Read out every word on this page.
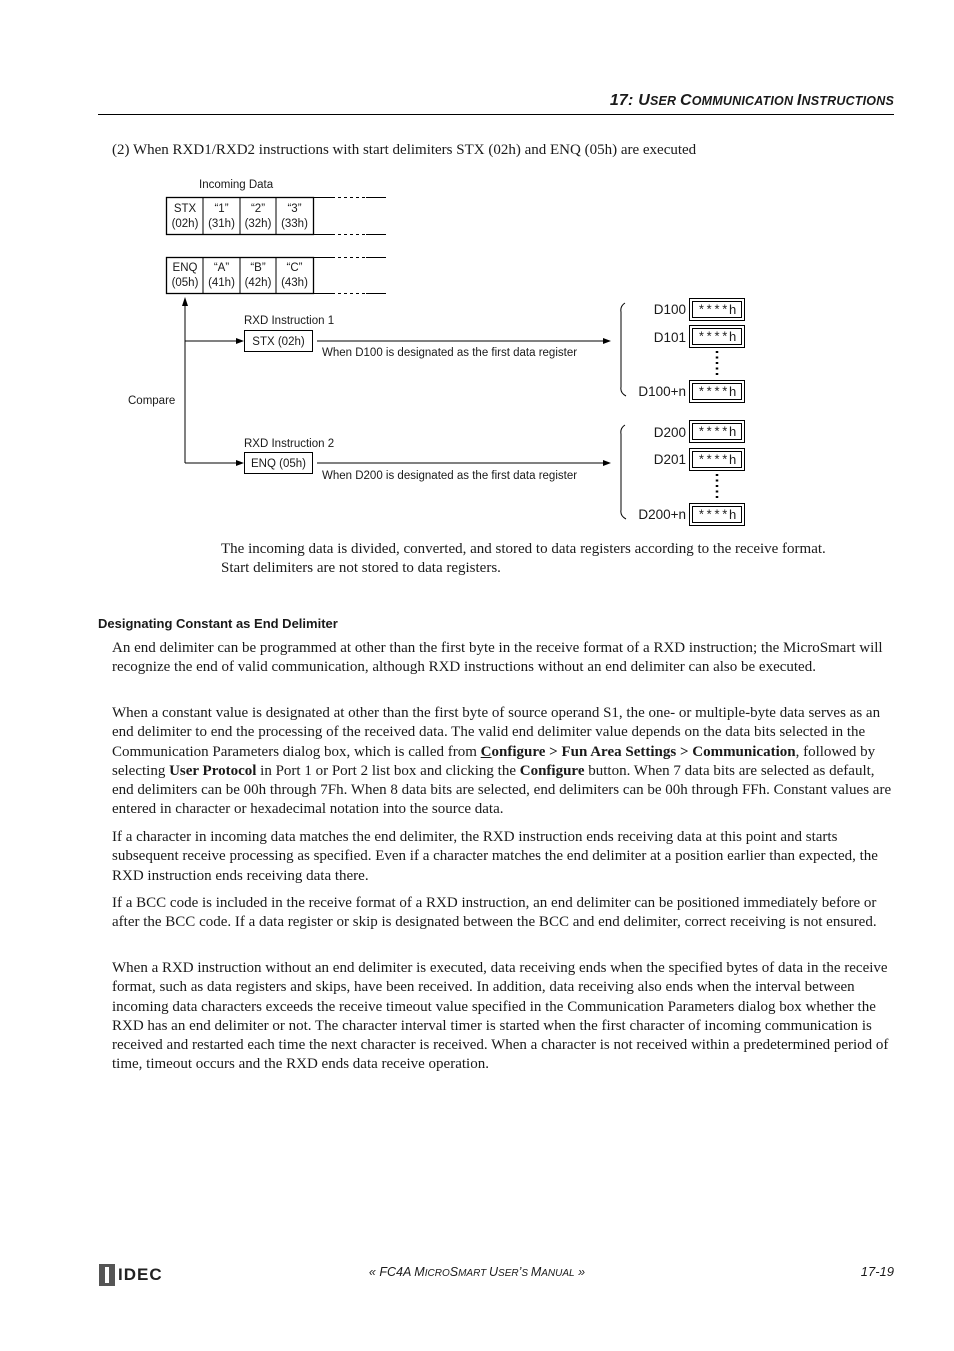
17: USER COMMUNICATION INSTRUCTIONS
(2) When RXD1/RXD2 instructions with start delimiters STX (02h) and ENQ (05h) are executed
Incoming Data
STX
(02h)
“1”
(31h)
“2”
(32h)
“3”
(33h)
ENQ
(05h)
“A”
(41h)
“B”
(42h)
“C”
(43h)
Compare
RXD Instruction 1
STX (02h)
When D100 is designated as the first data register
D100 ****h
D101 ****h
D100+n ****h
RXD Instruction 2
ENQ (05h)
When D200 is designated as the first data register
D200 ****h
D201 ****h
D200+n ****h
The incoming data is divided, converted, and stored to data registers according to the receive format.
Start delimiters are not stored to data registers.
Designating Constant as End Delimiter

An end delimiter can be programmed at other than the first byte in the receive format of a RXD instruction; the MicroSmart will recognize the end of valid communication, although RXD instructions without an end delimiter can also be executed.

When a constant value is designated at other than the first byte of source operand S1, the one- or multiple-byte data serves as an end delimiter to end the processing of the received data. The valid end delimiter value depends on the data bits selected in the Communication Parameters dialog box, which is called from Configure > Fun Area Settings > Communication, followed by selecting User Protocol in Port 1 or Port 2 list box and clicking the Configure button. When 7 data bits are selected as default, end delimiters can be 00h through 7Fh. When 8 data bits are selected, end delimiters can be 00h through FFh. Constant values are entered in character or hexadecimal notation into the source data.

If a character in incoming data matches the end delimiter, the RXD instruction ends receiving data at this point and starts subsequent receive processing as specified. Even if a character matches the end delimiter at a position earlier than expected, the RXD instruction ends receiving data there.

If a BCC code is included in the receive format of a RXD instruction, an end delimiter can be positioned immediately before or after the BCC code. If a data register or skip is designated between the BCC and end delimiter, correct receiving is not ensured.

When a RXD instruction without an end delimiter is executed, data receiving ends when the specified bytes of data in the receive format, such as data registers and skips, have been received. In addition, data receiving also ends when the interval between incoming data characters exceeds the receive timeout value specified in the Communication Parameters dialog box whether the RXD has an end delimiter or not. The character interval timer is started when the first character of incoming communication is received and restarted each time the next character is received. When a character is not received within a predetermined period of time, timeout occurs and the RXD ends data receive operation.

IDEC	« FC4A MICROSMART USER’S MANUAL »	17-19
